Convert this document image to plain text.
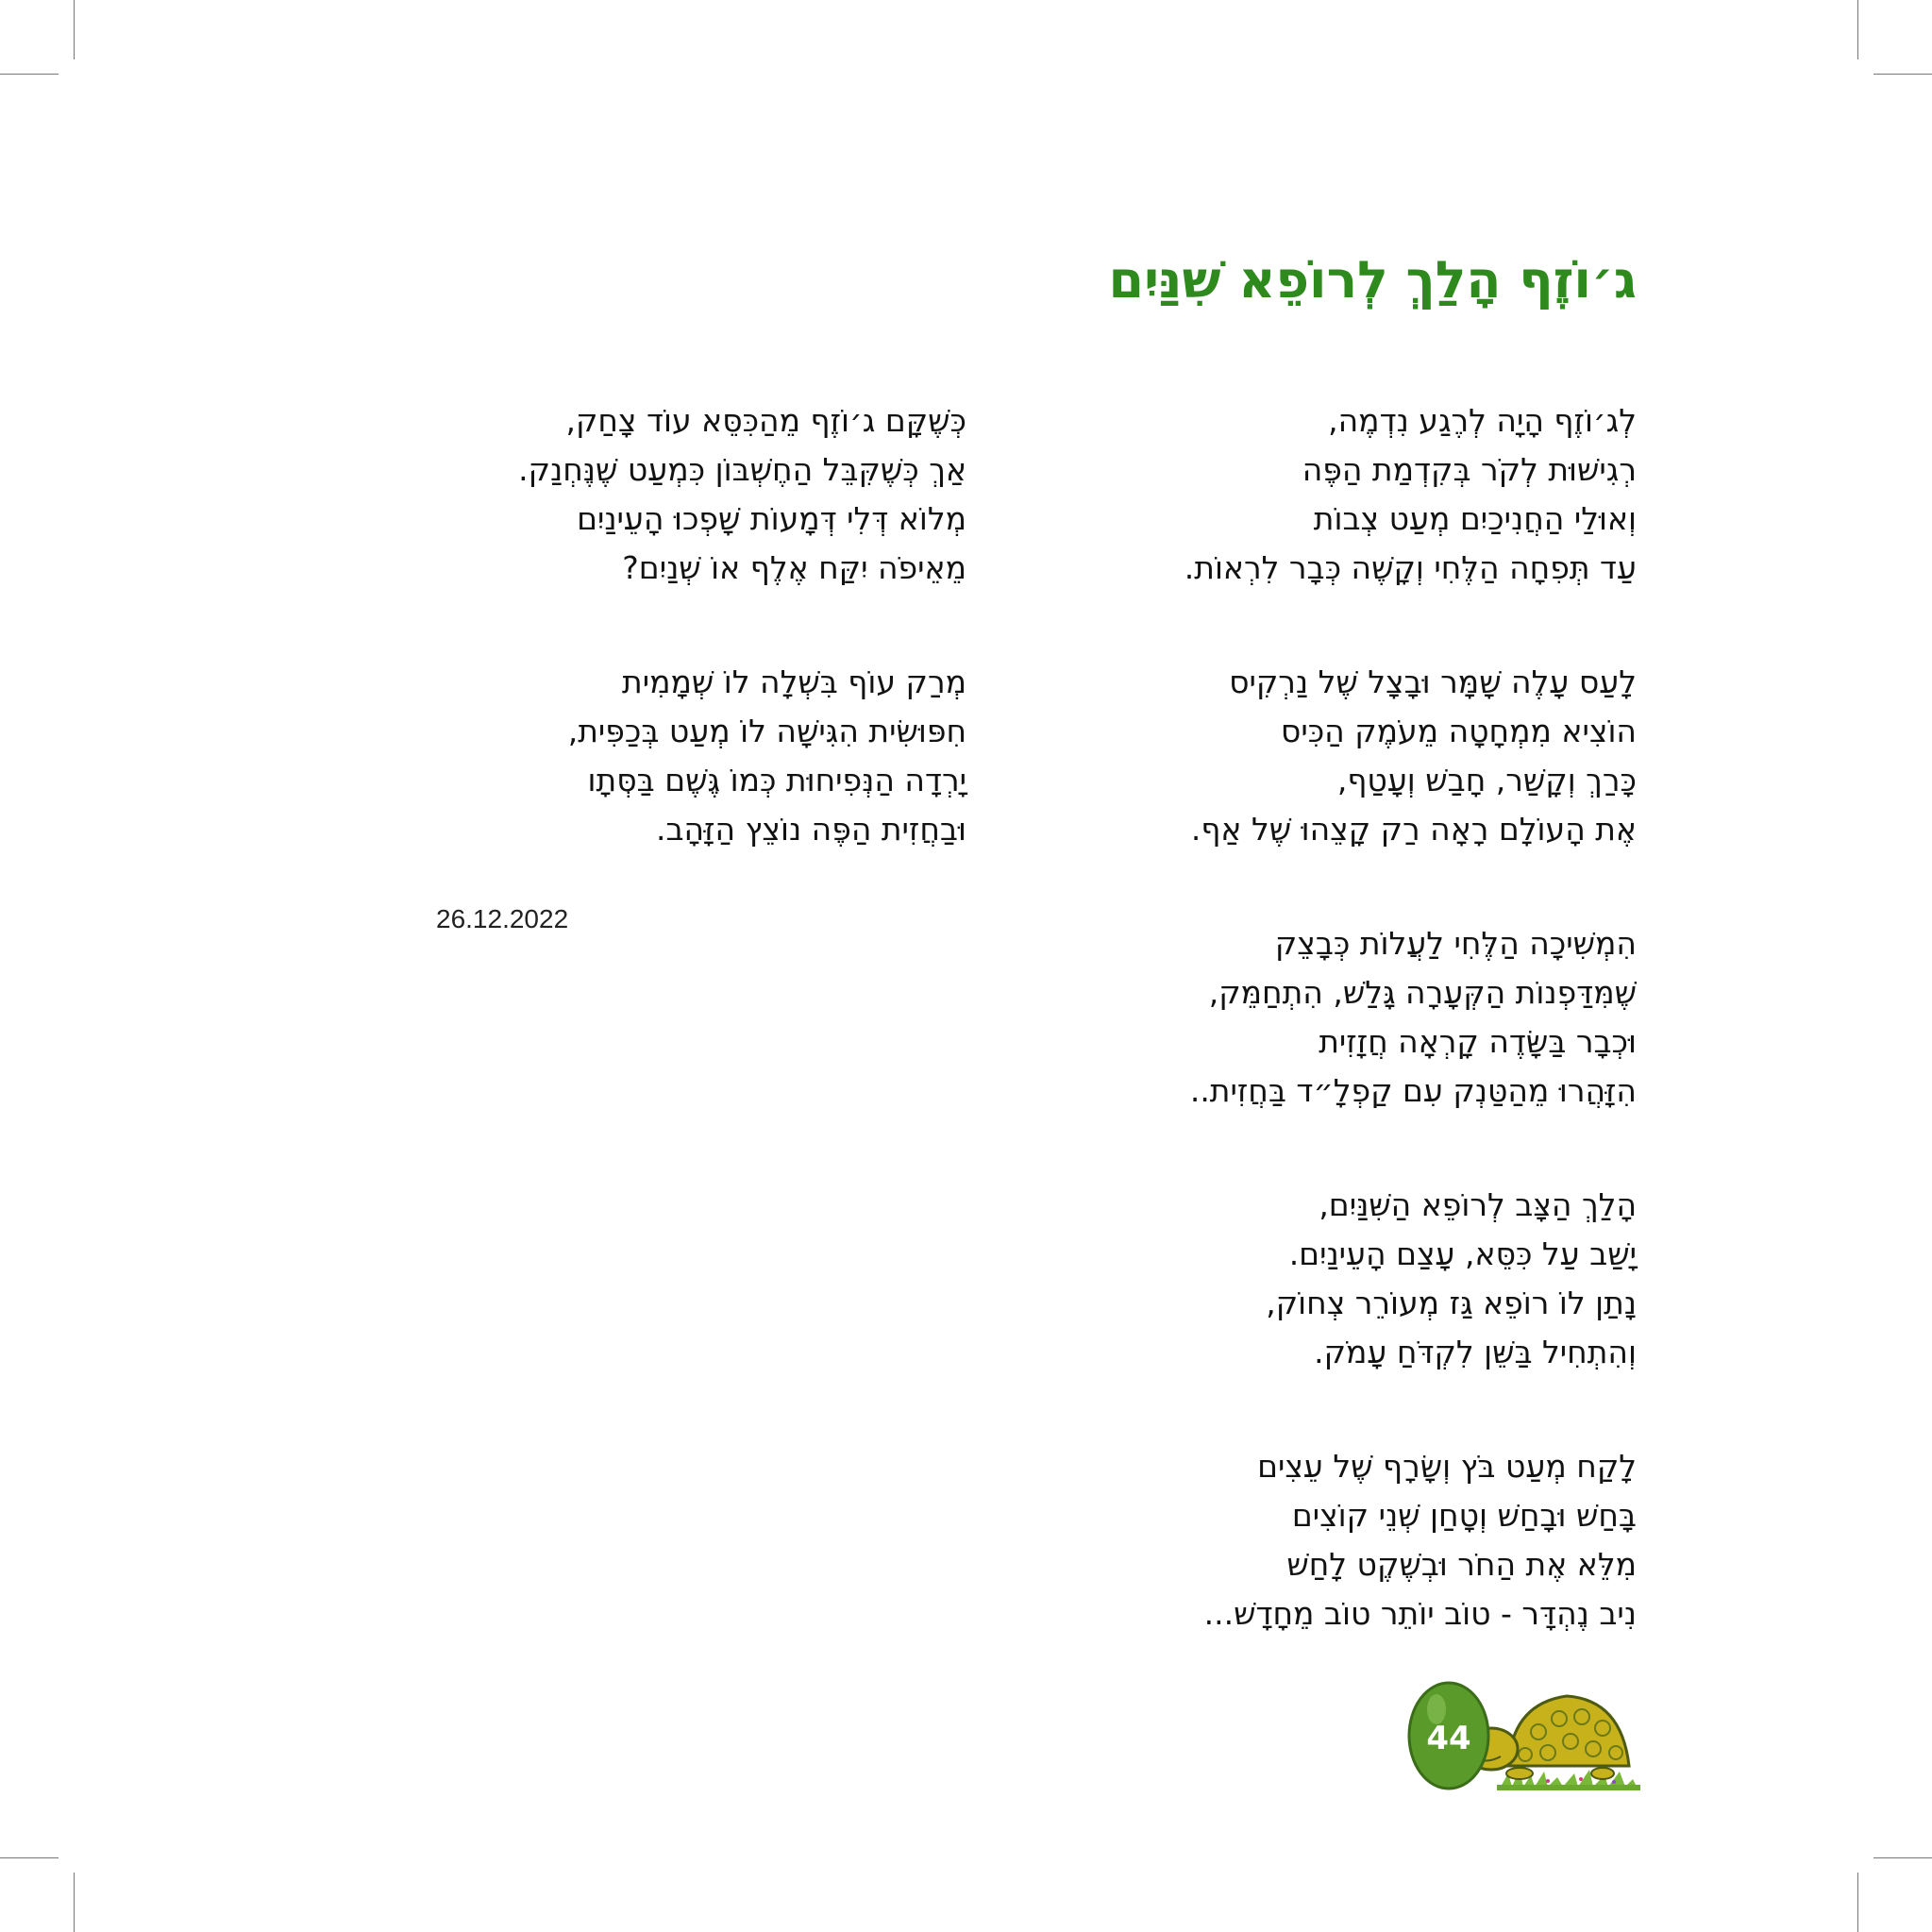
ג׳וֹזֶף הָלַךְ לְרוֹפֵא שִׁנַּיִם
לְג׳וֹזֶף הָיָה לְרֶגַע נִדְמֶה,
רְגִישׁוּת לְקֹר בְּקִדְמַת הַפֶּה
וְאוּלַי הַחֲנִיכַיִם מְעַט צְבוֹת
עַד תְּפִחָה הַלֶּחִי וְקָשֶׁה כְּבָר לִרְאוֹת.
לָעַס עָלֶה שָׁמָּר וּבָצָל שֶׁל נַרְקִיס
הוֹצִיא מִמְחָטָה מֵעֹמֶק הַכִּיס
כָּרַךְ וְקָשַׁר, חָבַשׁ וְעָטַף,
אֶת הָעוֹלָם רָאָה רַק קָצֵהוּ שֶׁל אַף.
הִמְשִׁיכָה הַלֶּחִי לַעֲלוֹת כְּבָצֵק
שֶׁמִּדַּפְנוֹת הַקְּעָרָה גָּלַשׁ, הִתְחַמֵּק,
וּכְבָר בַּשָּׂדֶה קָרְאָה חֲזָזִית
הִזָּהֲרוּ מֵהַטַּנְק עִם קַפְלָ״ד בַּחֲזִית..
הָלַךְ הַצָּב לְרוֹפֵא הַשִּׁנַּיִם,
יָשַׁב עַל כִּסֵּא, עָצַם הָעֵינַיִם.
נָתַן לוֹ רוֹפֵא גַּז מְעוֹרֵר צְחוֹק,
וְהִתְחִיל בַּשֵּׁן לִקְדֹּחַ עָמֹק.
לָקַח מְעַט בֹּץ וְשָׂרָף שֶׁל עֵצִים
בָּחַשׁ וּבָחַשׁ וְטָחַן שְׁנֵי קוֹצִים
מִלֵּא אֶת הַחֹר וּבְשֶׁקֶט לָחַשׁ
נִיב נֶהְדָּר - טוֹב יוֹתֵר טוֹב מֵחָדָשׁ...
כְּשֶׁקָּם ג׳וֹזֶף מֵהַכִּסֵּא עוֹד צָחַק,
אַךְ כְּשֶׁקִּבֵּל הַחֶשְׁבּוֹן כִּמְעַט שֶׁנֶּחְנַק.
מְלוֹא דְּלִי דְּמָעוֹת שָׁפְכוּ הָעֵינַיִם
מֵאֵיפֹה יִקַּח אֶלֶף אוֹ שְׁנַיִם?
מְרַק עוֹף בִּשְׁלָה לוֹ שְׁמָמִית
חִפּוּשִׂית הִגִּישָׁה לוֹ מְעַט בְּכַפִּית,
יָרְדָה הַנְּפִיחוּת כְּמוֹ גֶּשֶׁם בַּסְּתָו
וּבַחֲזִית הַפֶּה נוֹצֵץ הַזָּהָב.
26.12.2022
44
